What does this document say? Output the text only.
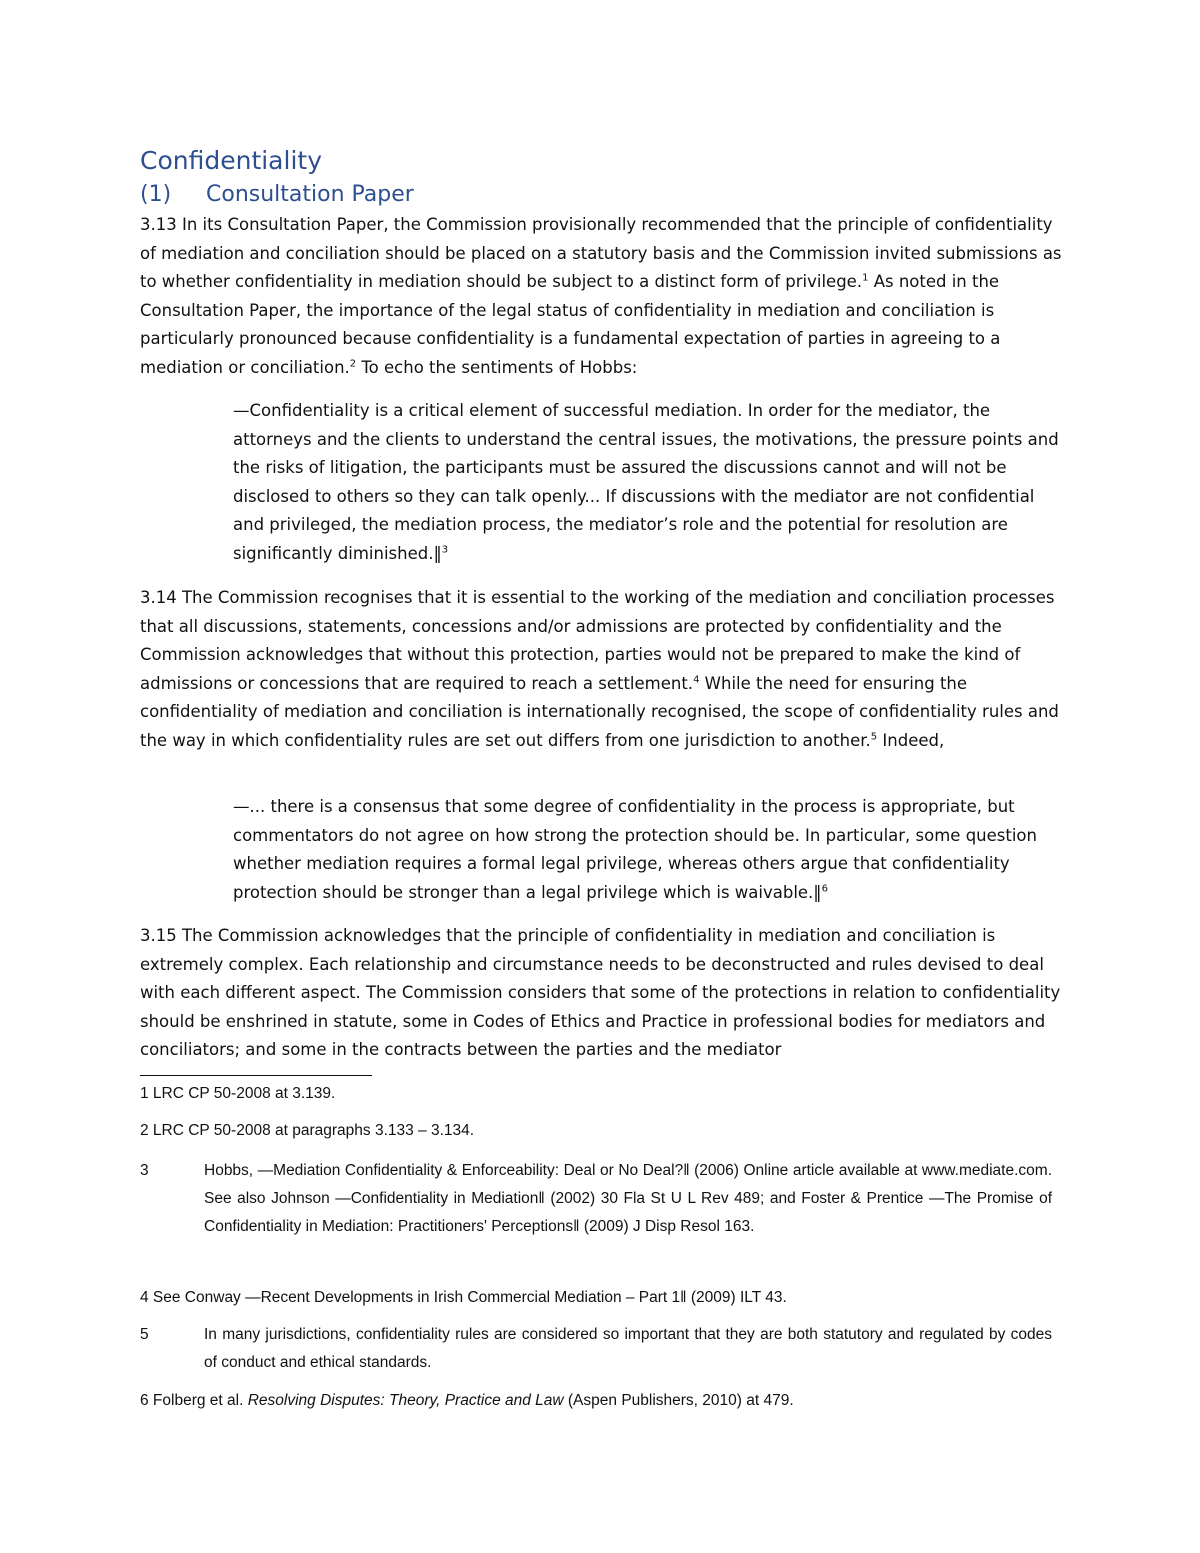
Confidentiality
(1) Consultation Paper

3.13 In its Consultation Paper, the Commission provisionally recommended that the principle of confidentiality of mediation and conciliation should be placed on a statutory basis and the Commission invited submissions as to whether confidentiality in mediation should be subject to a distinct form of privilege.$^1$ As noted in the Consultation Paper, the importance of the legal status of confidentiality in mediation and conciliation is particularly pronounced because confidentiality is a fundamental expectation of parties in agreeing to a mediation or conciliation.$^2$ To echo the sentiments of Hobbs:

—Confidentiality is a critical element of successful mediation. In order for the mediator, the attorneys and the clients to understand the central issues, the motivations, the pressure points and the risks of litigation, the participants must be assured the discussions cannot and will not be disclosed to others so they can talk openly... If discussions with the mediator are not confidential and privileged, the mediation process, the mediator’s role and the potential for resolution are significantly diminished.‖$^3$

3.14 The Commission recognises that it is essential to the working of the mediation and conciliation processes that all discussions, statements, concessions and/or admissions are protected by confidentiality and the Commission acknowledges that without this protection, parties would not be prepared to make the kind of admissions or concessions that are required to reach a settlement.$^4$ While the need for ensuring the confidentiality of mediation and conciliation is internationally recognised, the scope of confidentiality rules and the way in which confidentiality rules are set out differs from one jurisdiction to another.$^5$ Indeed,

—... there is a consensus that some degree of confidentiality in the process is appropriate, but commentators do not agree on how strong the protection should be. In particular, some question whether mediation requires a formal legal privilege, whereas others argue that confidentiality protection should be stronger than a legal privilege which is waivable.‖$^6$

3.15 The Commission acknowledges that the principle of confidentiality in mediation and conciliation is extremely complex. Each relationship and circumstance needs to be deconstructed and rules devised to deal with each different aspect. The Commission considers that some of the protections in relation to confidentiality should be enshrined in statute, some in Codes of Ethics and Practice in professional bodies for mediators and conciliators; and some in the contracts between the parties and the mediator

1 LRC CP 50-2008 at 3.139.

2 LRC CP 50-2008 at paragraphs 3.133 – 3.134.

3	Hobbs, —Mediation Confidentiality & Enforceability: Deal or No Deal?‖ (2006) Online article available at www.mediate.com. See also Johnson —Confidentiality in Mediation‖ (2002) 30 Fla St U L Rev 489; and Foster & Prentice —The Promise of Confidentiality in Mediation: Practitioners' Perceptions‖ (2009) J Disp Resol 163.

4 See Conway —Recent Developments in Irish Commercial Mediation – Part 1‖ (2009) ILT 43.

5	In many jurisdictions, confidentiality rules are considered so important that they are both statutory and regulated by codes of conduct and ethical standards.

6 Folberg et al. Resolving Disputes: Theory, Practice and Law (Aspen Publishers, 2010) at 479.
